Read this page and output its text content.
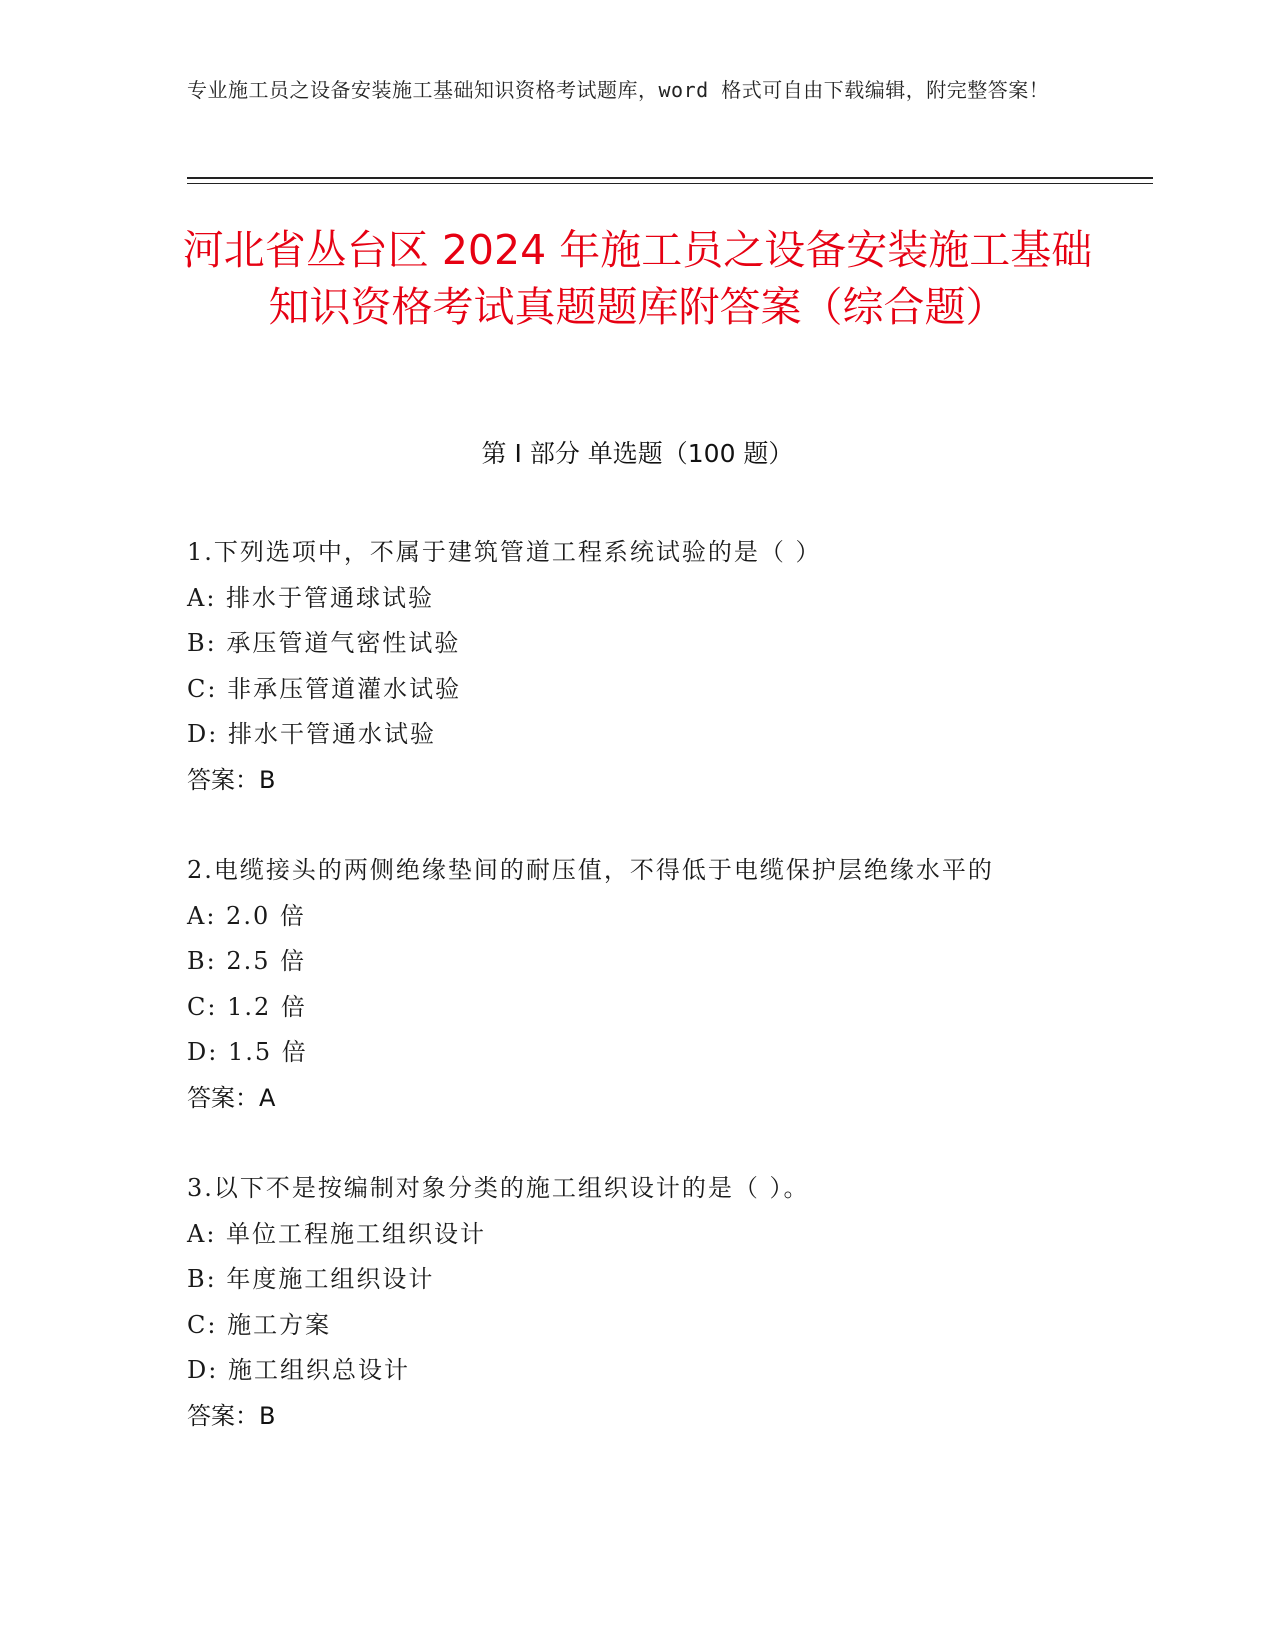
专业施工员之设备安装施工基础知识资格考试题库，word 格式可自由下载编辑，附完整答案！
河北省丛台区 2024 年施工员之设备安装施工基础知识资格考试真题题库附答案（综合题）
第 I 部分 单选题（100 题）
1.下列选项中，不属于建筑管道工程系统试验的是（ ）
A: 排水于管通球试验
B: 承压管道气密性试验
C: 非承压管道灌水试验
D: 排水干管通水试验
答案：B
2.电缆接头的两侧绝缘垫间的耐压值，不得低于电缆保护层绝缘水平的
A: 2.0 倍
B: 2.5 倍
C: 1.2 倍
D: 1.5 倍
答案：A
3.以下不是按编制对象分类的施工组织设计的是（ ）。
A: 单位工程施工组织设计
B: 年度施工组织设计
C: 施工方案
D: 施工组织总设计
答案：B
